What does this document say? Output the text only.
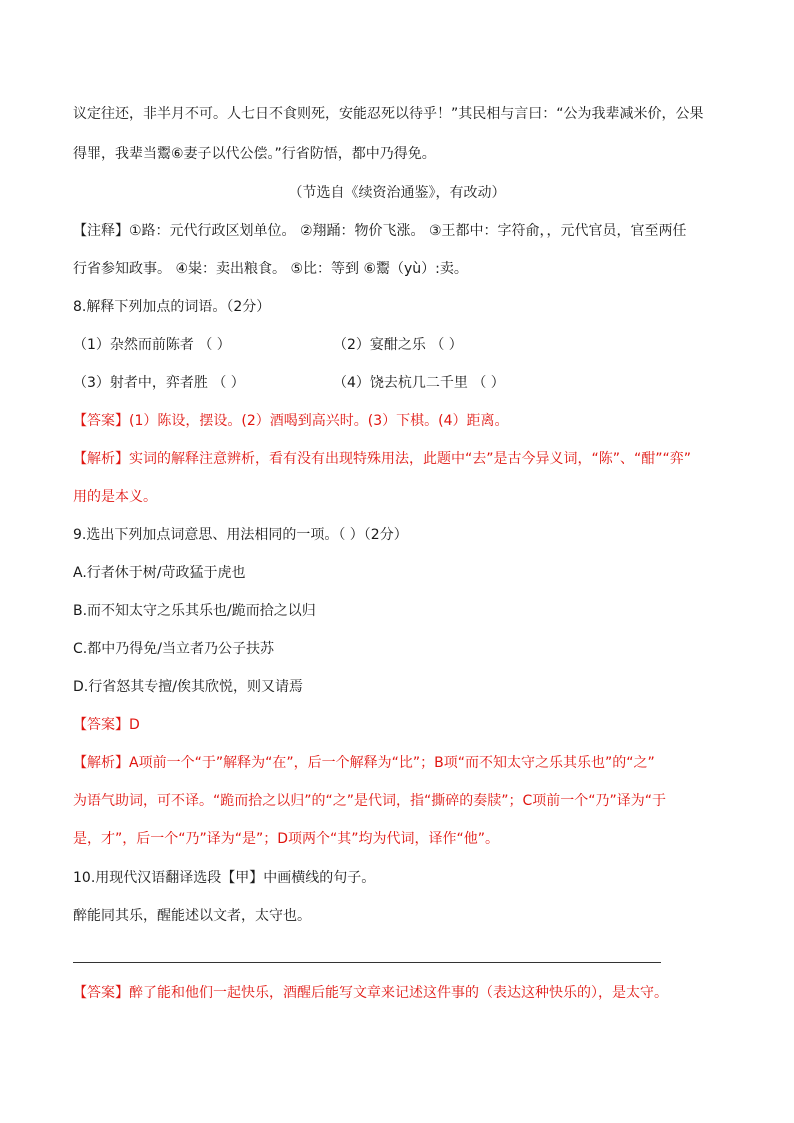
议定往还，非半月不可。人七日不食则死，安能忍死以待乎！”其民相与言曰：“公为我辈减米价，公果
得罪，我辈当鬻⑥妻子以代公偿。”行省防悟，都中乃得免。
（节选自《续资治通鉴》，有改动）
【注释】①路：元代行政区划单位。 ②翔踊：物价飞涨。 ③王都中：字符俞，，元代官员，官至两任
行省参知政事。 ④粜：卖出粮食。 ⑤比：等到 ⑥鬻（yù）:卖。
8.解释下列加点的词语。（2分）
（1）杂然而前陈者 （ ）	（2）宴酣之乐 （ ）
（3）射者中，弈者胜 （ ）	（4）饶去杭几二千里 （ ）
【答案】(1）陈设，摆设。(2）酒喝到高兴时。(3）下棋。(4）距离。
【解析】实词的解释注意辨析，看有没有出现特殊用法，此题中“去”是古今异义词，“陈”、“酣”“弈”
用的是本义。
9.选出下列加点词意思、用法相同的一项。（ ）（2分）
A.行者休于树/苛政猛于虎也
B.而不知太守之乐其乐也/跪而拾之以归
C.都中乃得免/当立者乃公子扶苏
D.行省怒其专擅/俟其欣悦，则又请焉
【答案】D
【解析】A项前一个“于”解释为“在”，后一个解释为“比”；B项“而不知太守之乐其乐也”的“之”
为语气助词，可不译。“跪而拾之以归”的“之”是代词，指“撕碎的奏牍”；C项前一个“乃”译为“于
是，才”，后一个“乃”译为“是”；D项两个“其”均为代词，译作“他”。
10.用现代汉语翻译选段【甲】中画横线的句子。
醉能同其乐，醒能述以文者，太守也。
【答案】醉了能和他们一起快乐，酒醒后能写文章来记述这件事的（表达这种快乐的），是太守。
